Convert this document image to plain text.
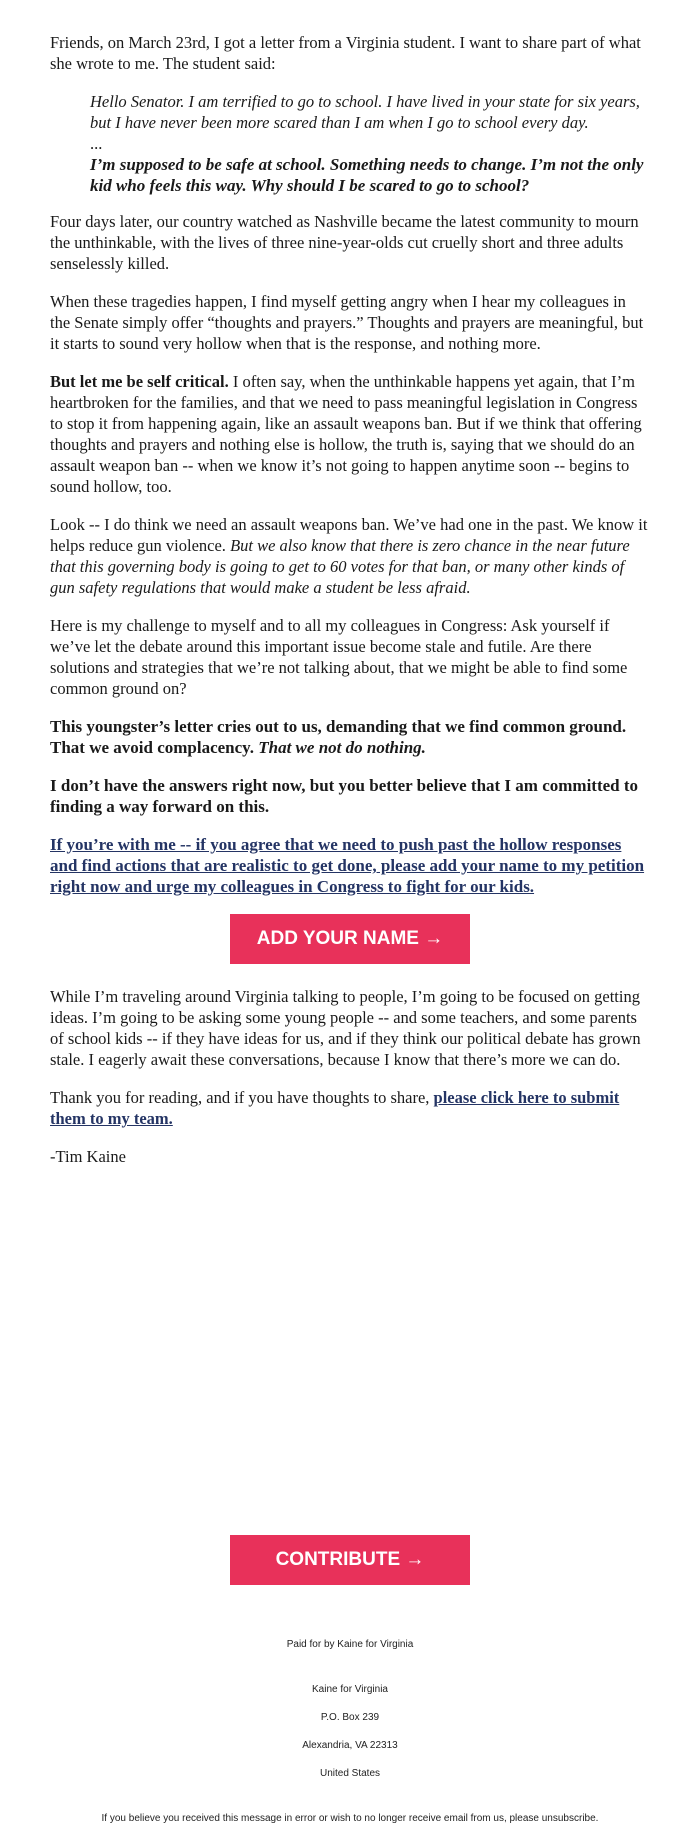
Friends, on March 23rd, I got a letter from a Virginia student. I want to share part of what she wrote to me. The student said:

Hello Senator. I am terrified to go to school. I have lived in your state for six years, but I have never been more scared than I am when I go to school every day.

...

I’m supposed to be safe at school. Something needs to change. I’m not the only kid who feels this way. Why should I be scared to go to school?

Four days later, our country watched as Nashville became the latest community to mourn the unthinkable, with the lives of three nine-year-olds cut cruelly short and three adults senselessly killed.

When these tragedies happen, I find myself getting angry when I hear my colleagues in the Senate simply offer “thoughts and prayers.” Thoughts and prayers are meaningful, but it starts to sound very hollow when that is the response, and nothing more.

But let me be self critical. I often say, when the unthinkable happens yet again, that I’m heartbroken for the families, and that we need to pass meaningful legislation in Congress to stop it from happening again, like an assault weapons ban. But if we think that offering thoughts and prayers and nothing else is hollow, the truth is, saying that we should do an assault weapon ban -- when we know it’s not going to happen anytime soon -- begins to sound hollow, too.

Look -- I do think we need an assault weapons ban. We’ve had one in the past. We know it helps reduce gun violence. But we also know that there is zero chance in the near future that this governing body is going to get to 60 votes for that ban, or many other kinds of gun safety regulations that would make a student be less afraid.

Here is my challenge to myself and to all my colleagues in Congress: Ask yourself if we’ve let the debate around this important issue become stale and futile. Are there solutions and strategies that we’re not talking about, that we might be able to find some common ground on?

This youngster’s letter cries out to us, demanding that we find common ground. That we avoid complacency. That we not do nothing.

I don’t have the answers right now, but you better believe that I am committed to finding a way forward on this.

If you’re with me -- if you agree that we need to push past the hollow responses and find actions that are realistic to get done, please add your name to my petition right now and urge my colleagues in Congress to fight for our kids.

ADD YOUR NAME →

While I’m traveling around Virginia talking to people, I’m going to be focused on getting ideas. I’m going to be asking some young people -- and some teachers, and some parents of school kids -- if they have ideas for us, and if they think our political debate has grown stale. I eagerly await these conversations, because I know that there’s more we can do.

Thank you for reading, and if you have thoughts to share, please click here to submit them to my team.

-Tim Kaine

CONTRIBUTE →
Paid for by Kaine for Virginia
Kaine for Virginia
P.O. Box 239
Alexandria, VA 22313
United States
If you believe you received this message in error or wish to no longer receive email from us, please unsubscribe.
